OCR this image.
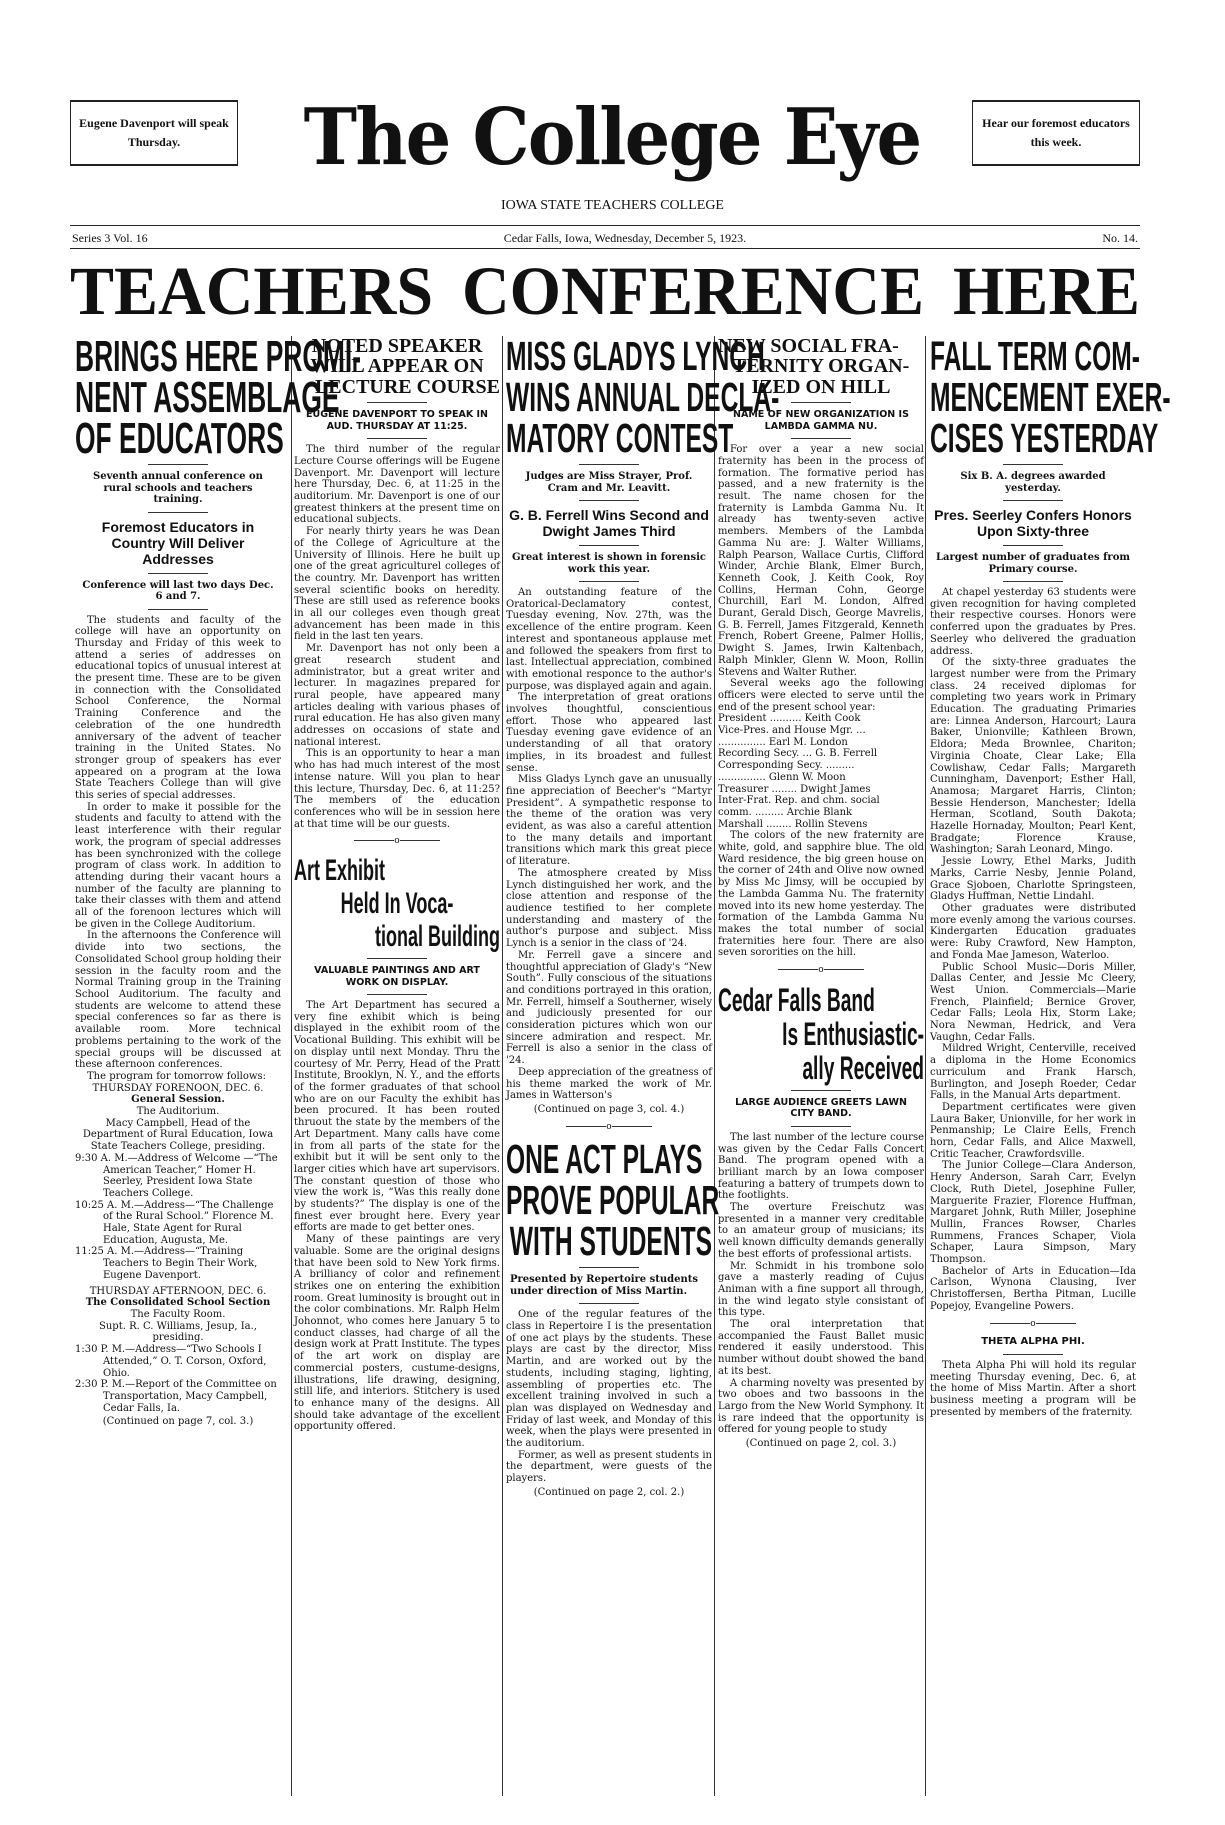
Eugene Davenport will speak Thursday.	The College Eye	Hear our foremost educators this week.
IOWA STATE TEACHERS COLLEGE
Series 3 Vol. 16	Cedar Falls, Iowa, Wednesday, December 5, 1923.	No. 14.
TEACHERS CONFERENCE HERE
BRINGS HERE PROMI-
NENT ASSEMBLAGE
OF EDUCATORS
Seventh annual conference on rural schools and teachers training.
Foremost Educators in Country Will Deliver Addresses
Conference will last two days Dec. 6 and 7.

The students and faculty of the college will have an opportunity on Thursday and Friday of this week to attend a series of addresses on educational topics of unusual interest at the present time. These are to be given in connection with the Consolidated School Conference, the Normal Training Conference and the celebration of the one hundredth anniversary of the advent of teacher training in the United States. No stronger group of speakers has ever appeared on a program at the Iowa State Teachers College than will give this series of special addresses.

In order to make it possible for the students and faculty to attend with the least interference with their regular work, the program of special addresses has been synchronized with the college program of class work. In addition to attending during their vacant hours a number of the faculty are planning to take their classes with them and attend all of the forenoon lectures which will be given in the College Auditorium.

In the afternoons the Conference will divide into two sections, the Consolidated School group holding their session in the faculty room and the Normal Training group in the Training School Auditorium. The faculty and students are welcome to attend these special conferences so far as there is available room. More technical problems pertaining to the work of the special groups will be discussed at these afternoon conferences.

The program for tomorrow follows:

THURSDAY FORENOON, DEC. 6.
General Session.
The Auditorium.
Macy Campbell, Head of the Department of Rural Education, Iowa State Teachers College, presiding.
9:30 A. M.—Address of Welcome —“The American Teacher,” Homer H. Seerley, President Iowa State Teachers College.
10:25 A. M.—Address—“The Challenge of the Rural School.” Florence M. Hale, State Agent for Rural Education, Augusta, Me.
11:25 A. M.—Address—“Training Teachers to Begin Their Work, Eugene Davenport.
THURSDAY AFTERNOON, DEC. 6.
The Consolidated School Section
The Faculty Room.
Supt. R. C. Williams, Jesup, Ia., presiding.
1:30 P. M.—Address—“Two Schools I Attended,” O. T. Corson, Oxford, Ohio.
2:30 P. M.—Report of the Committee on Transportation, Macy Campbell, Cedar Falls, Ia.
(Continued on page 7, col. 3.)
NOTED SPEAKER
WILL APPEAR ON
LECTURE COURSE
EUGENE DAVENPORT TO SPEAK IN AUD. THURSDAY AT 11:25.

The third number of the regular Lecture Course offerings will be Eugene Davenport. Mr. Davenport will lecture here Thursday, Dec. 6, at 11:25 in the auditorium. Mr. Davenport is one of our greatest thinkers at the present time on educational subjects.

For nearly thirty years he was Dean of the College of Agriculture at the University of Illinois. Here he built up one of the great agriculturel colleges of the country. Mr. Davenport has written several scientific books on heredity. These are still used as reference books in all our colleges even though great advancement has been made in this field in the last ten years.

Mr. Davenport has not only been a great research student and administrator, but a great writer and lecturer. In magazines prepared for rural people, have appeared many articles dealing with various phases of rural education. He has also given many addresses on occasions of state and national interest.

This is an opportunity to hear a man who has had much interest of the most intense nature. Will you plan to hear this lecture, Thursday, Dec. 6, at 11:25? The members of the education conferences who will be in session here at that time will be our guests.

o
Art Exhibit
Held In Voca-
tional Building
VALUABLE PAINTINGS AND ART WORK ON DISPLAY.

The Art Department has secured a very fine exhibit which is being displayed in the exhibit room of the Vocational Building. This exhibit will be on display until next Monday. Thru the courtesy of Mr. Perry, Head of the Pratt Institute, Brooklyn, N. Y., and the efforts of the former graduates of that school who are on our Faculty the exhibit has been procured. It has been routed thruout the state by the members of the Art Department. Many calls have come in from all parts of the state for the exhibit but it will be sent only to the larger cities which have art supervisors. The constant question of those who view the work is, “Was this really done by students?” The display is one of the finest ever brought here. Every year efforts are made to get better ones.

Many of these paintings are very valuable. Some are the original designs that have been sold to New York firms. A brilliancy of color and refinement strikes one on entering the exhibition room. Great luminosity is brought out in the color combinations. Mr. Ralph Helm Johonnot, who comes here January 5 to conduct classes, had charge of all the design work at Pratt Institute. The types of the art work on display are commercial posters, custume-designs, illustrations, life drawing, designing, still life, and interiors. Stitchery is used to enhance many of the designs. All should take advantage of the excellent opportunity offered.

MISS GLADYS LYNCH
WINS ANNUAL DECLA-
MATORY CONTEST
Judges are Miss Strayer, Prof. Cram and Mr. Leavitt.
G. B. Ferrell Wins Second and Dwight James Third
Great interest is shown in forensic work this year.

An outstanding feature of the Oratorical-Declamatory contest, Tuesday evening, Nov. 27th, was the excellence of the entire program. Keen interest and spontaneous applause met and followed the speakers from first to last. Intellectual appreciation, combined with emotional responce to the author's purpose, was displayed again and again.

The interpretation of great orations involves thoughtful, conscientious effort. Those who appeared last Tuesday evening gave evidence of an understanding of all that oratory implies, in its broadest and fullest sense.

Miss Gladys Lynch gave an unusually fine appreciation of Beecher's “Martyr President”. A sympathetic response to the theme of the oration was very evident, as was also a careful attention to the many details and important transitions which mark this great piece of literature.

The atmosphere created by Miss Lynch distinguished her work, and the close attention and response of the audience testified to her complete understanding and mastery of the author's purpose and subject. Miss Lynch is a senior in the class of '24.

Mr. Ferrell gave a sincere and thoughtful appreciation of Glady's “New South”. Fully conscious of the situations and conditions portrayed in this oration, Mr. Ferrell, himself a Southerner, wisely and judiciously presented for our consideration pictures which won our sincere admiration and respect. Mr. Ferrell is also a senior in the class of '24.

Deep appreciation of the greatness of his theme marked the work of Mr. James in Watterson's

(Continued on page 3, col. 4.)
o
ONE ACT PLAYS
PROVE POPULAR
WITH STUDENTS
Presented by Repertoire students under direction of Miss Martin.

One of the regular features of the class in Repertoire I is the presentation of one act plays by the students. These plays are cast by the director, Miss Martin, and are worked out by the students, including staging, lighting, assembling of properties etc. The excellent training involved in such a plan was displayed on Wednesday and Friday of last week, and Monday of this week, when the plays were presented in the auditorium.

Former, as well as present students in the department, were guests of the players.

(Continued on page 2, col. 2.)
NEW SOCIAL FRA-
TERNITY ORGAN-
IZED ON HILL
NAME OF NEW ORGANIZATION IS LAMBDA GAMMA NU.

For over a year a new social fraternity has been in the process of formation. The formative period has passed, and a new fraternity is the result. The name chosen for the fraternity is Lambda Gamma Nu. It already has twenty-seven active members. Members of the Lambda Gamma Nu are: J. Walter Williams, Ralph Pearson, Wallace Curtis, Clifford Winder, Archie Blank, Elmer Burch, Kenneth Cook, J. Keith Cook, Roy Collins, Herman Cohn, George Churchill, Earl M. London, Alfred Durant, Gerald Disch, George Mavrelis, G. B. Ferrell, James Fitzgerald, Kenneth French, Robert Greene, Palmer Hollis, Dwight S. James, Irwin Kaltenbach, Ralph Minkler, Glenn W. Moon, Rollin Stevens and Walter Ruther.

Several weeks ago the following officers were elected to serve until the end of the present school year:

President .......... Keith Cook
Vice-Pres. and House Mgr. ...
............... Earl M. London
Recording Secy. ... G. B. Ferrell
Corresponding Secy. .........
............... Glenn W. Moon
Treasurer ........ Dwight James
Inter-Frat. Rep. and chm. social
comm. ......... Archie Blank
Marshall ........ Rollin Stevens

The colors of the new fraternity are white, gold, and sapphire blue. The old Ward residence, the big green house on the corner of 24th and Olive now owned by Miss Mc Jimsy, will be occupied by the Lambda Gamma Nu. The fraternity moved into its new home yesterday. The formation of the Lambda Gamma Nu makes the total number of social fraternities here four. There are also seven sororities on the hill.

o
Cedar Falls Band
Is Enthusiastic-
ally Received
LARGE AUDIENCE GREETS LAWN CITY BAND.

The last number of the lecture course was given by the Cedar Falls Concert Band. The program opened with a brilliant march by an Iowa composer featuring a battery of trumpets down to the footlights.

The overture Freischutz was presented in a manner very creditable to an amateur group of musicians; its well known difficulty demands generally the best efforts of professional artists.

Mr. Schmidt in his trombone solo gave a masterly reading of Cujus Animan with a fine support all through, in the wind legato style consistant of this type.

The oral interpretation that accompanied the Faust Ballet music rendered it easily understood. This number without doubt showed the band at its best.

A charming novelty was presented by two oboes and two bassoons in the Largo from the New World Symphony. It is rare indeed that the opportunity is offered for young people to study

(Continued on page 2, col. 3.)
FALL TERM COM-
MENCEMENT EXER-
CISES YESTERDAY
Six B. A. degrees awarded yesterday.
Pres. Seerley Confers Honors Upon Sixty-three
Largest number of graduates from Primary course.

At chapel yesterday 63 students were given recognition for having completed their respective courses. Honors were conferred upon the graduates by Pres. Seerley who delivered the graduation address.

Of the sixty-three graduates the largest number were from the Primary class. 24 received diplomas for completing two years work in Primary Education. The graduating Primaries are: Linnea Anderson, Harcourt; Laura Baker, Unionville; Kathleen Brown, Eldora; Meda Brownlee, Chariton; Virginia Choate, Clear Lake; Ella Cowlishaw, Cedar Falls; Margareth Cunningham, Davenport; Esther Hall, Anamosa; Margaret Harris, Clinton; Bessie Henderson, Manchester; Idella Herman, Scotland, South Dakota; Hazelle Hornaday, Moulton; Pearl Kent, Bradgate; Florence Krause, Washington; Sarah Leonard, Mingo.

Jessie Lowry, Ethel Marks, Judith Marks, Carrie Nesby, Jennie Poland, Grace Sjoboen, Charlotte Springsteen, Gladys Huffman, Nettie Lindahl.

Other graduates were distributed more evenly among the various courses. Kindergarten Education graduates were: Ruby Crawford, New Hampton, and Fonda Mae Jameson, Waterloo.

Public School Music—Doris Miller, Dallas Center, and Jessie Mc Cleery, West Union. Commercials—Marie French, Plainfield; Bernice Grover, Cedar Falls; Leola Hix, Storm Lake; Nora Newman, Hedrick, and Vera Vaughn, Cedar Falls.

Mildred Wright, Centerville, received a diploma in the Home Economics curriculum and Frank Harsch, Burlington, and Joseph Roeder, Cedar Falls, in the Manual Arts department.

Department certificates were given Laura Baker, Unionville, for her work in Penmanship; Le Claire Eells, French horn, Cedar Falls, and Alice Maxwell, Critic Teacher, Crawfordsville.

The Junior College—Clara Anderson, Henry Anderson, Sarah Carr, Evelyn Clock, Ruth Dietel, Josephine Fuller, Marguerite Frazier, Florence Huffman, Margaret Johnk, Ruth Miller, Josephine Mullin, Frances Rowser, Charles Rummens, Frances Schaper, Viola Schaper, Laura Simpson, Mary Thompson.

Bachelor of Arts in Education—Ida Carlson, Wynona Clausing, Iver Christoffersen, Bertha Pitman, Lucille Popejoy, Evangeline Powers.

o
THETA ALPHA PHI.

Theta Alpha Phi will hold its regular meeting Thursday evening, Dec. 6, at the home of Miss Martin. After a short business meeting a program will be presented by members of the fraternity.
